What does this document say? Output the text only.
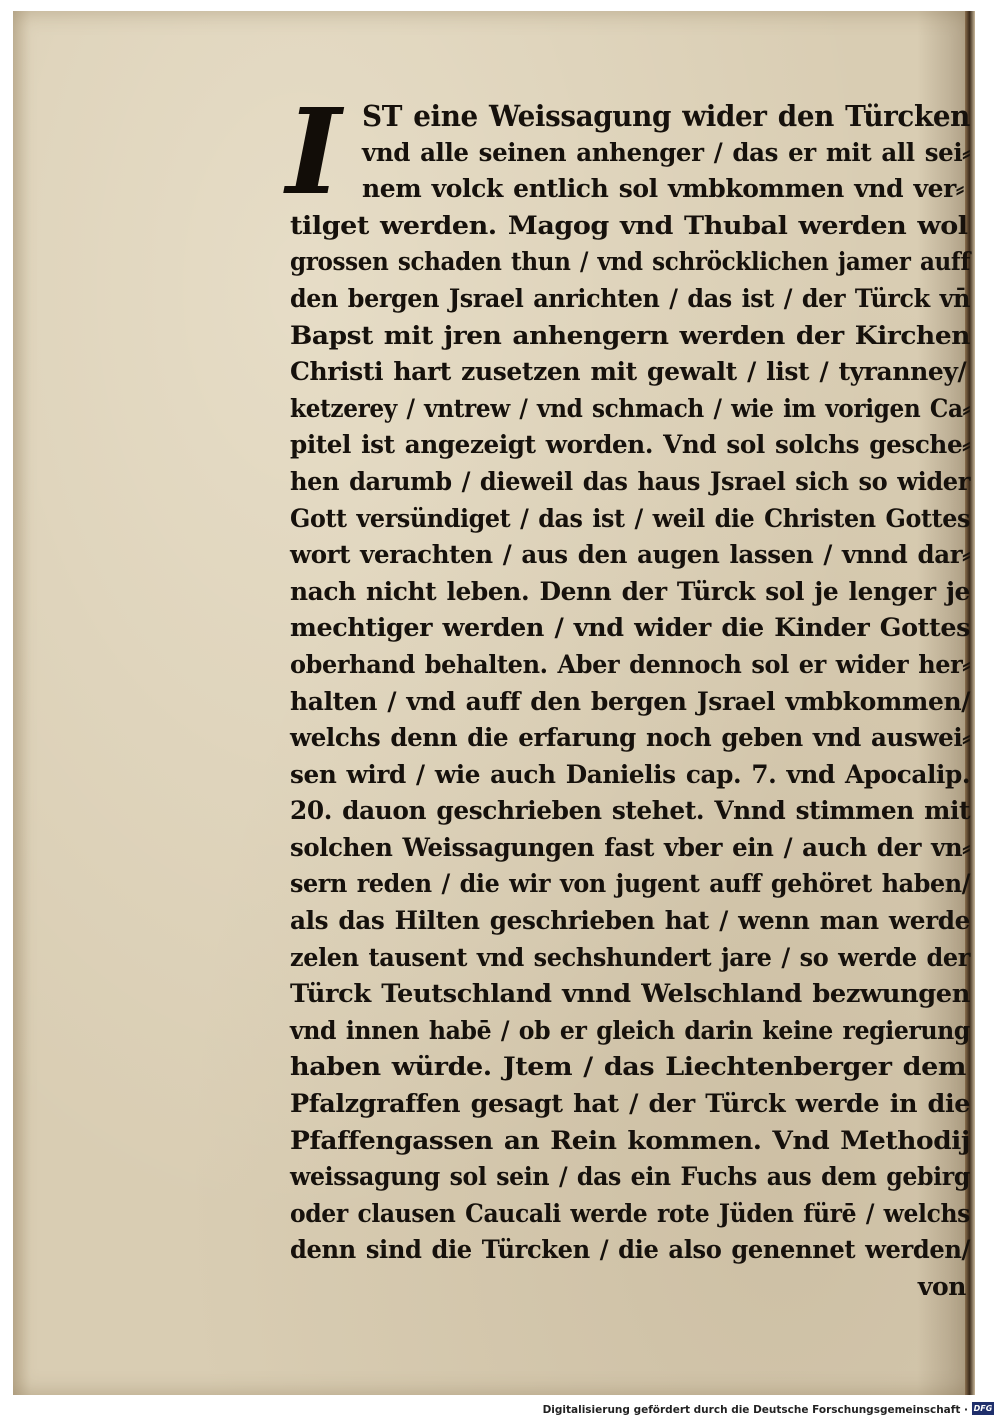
I ST eine Weissagung wider den Türcken
vnd alle seinen anhenger / das er mit all sei⸗
nem volck entlich sol vmbkommen vnd ver⸗
tilget werden. Magog vnd Thubal werden wol
grossen schaden thun / vnd schröcklichen jamer auff
den bergen Jsrael anrichten / das ist / der Türck vn̄
Bapst mit jren anhengern werden der Kirchen
Christi hart zusetzen mit gewalt / list / tyranney/
ketzerey / vntrew / vnd schmach / wie im vorigen Ca⸗
pitel ist angezeigt worden. Vnd sol solchs gesche⸗
hen darumb / dieweil das haus Jsrael sich so wider
Gott versündiget / das ist / weil die Christen Gottes
wort verachten / aus den augen lassen / vnnd dar⸗
nach nicht leben. Denn der Türck sol je lenger je
mechtiger werden / vnd wider die Kinder Gottes
oberhand behalten. Aber dennoch sol er wider her⸗
halten / vnd auff den bergen Jsrael vmbkommen/
welchs denn die erfarung noch geben vnd auswei⸗
sen wird / wie auch Danielis cap. 7. vnd Apocalip.
20. dauon geschrieben stehet. Vnnd stimmen mit
solchen Weissagungen fast vber ein / auch der vn⸗
sern reden / die wir von jugent auff gehöret haben/
als das Hilten geschrieben hat / wenn man werde
zelen tausent vnd sechshundert jare / so werde der
Türck Teutschland vnnd Welschland bezwungen
vnd innen habē / ob er gleich darin keine regierung
haben würde. Jtem / das Liechtenberger dem
Pfalzgraffen gesagt hat / der Türck werde in die
Pfaffengassen an Rein kommen. Vnd Methodij
weissagung sol sein / das ein Fuchs aus dem gebirg
oder clausen Caucali werde rote Jüden fürē / welchs
denn sind die Türcken / die also genennet werden/
von
Digitalisierung gefördert durch die Deutsche Forschungsgemeinschaft · DFG
